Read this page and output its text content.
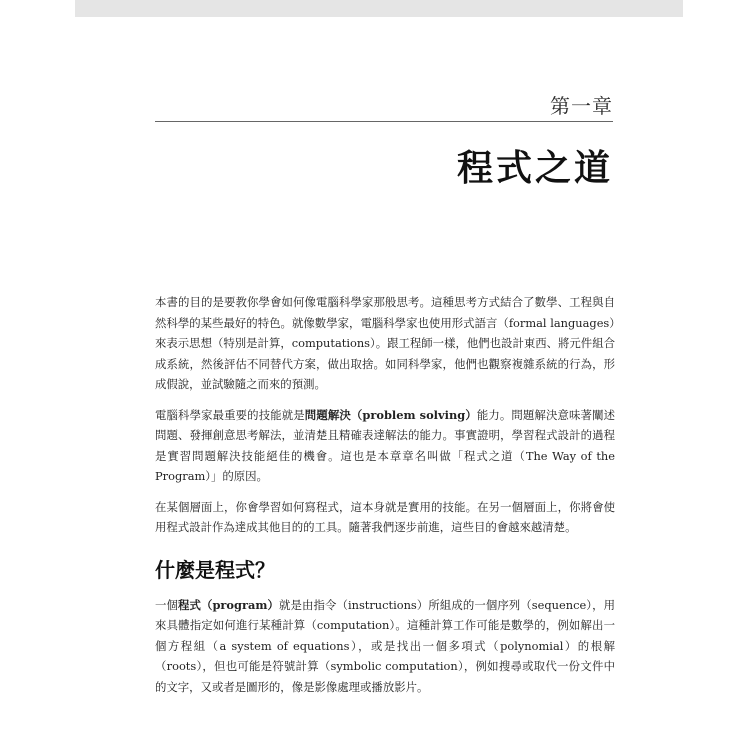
第一章
程式之道

本書的目的是要教你學會如何像電腦科學家那般思考。這種思考方式結合了數學、工程與自然科學的某些最好的特色。就像數學家，電腦科學家也使用形式語言（formal languages）來表示思想（特別是計算，computations）。跟工程師一樣，他們也設計東西、將元件組合成系統，然後評估不同替代方案，做出取捨。如同科學家，他們也觀察複雜系統的行為，形成假說，並試驗隨之而來的預測。

電腦科學家最重要的技能就是問題解決（problem solving）能力。問題解決意味著闡述問題、發揮創意思考解法，並清楚且精確表達解法的能力。事實證明，學習程式設計的過程是實習問題解決技能絕佳的機會。這也是本章章名叫做「程式之道（The Way of the Program）」的原因。

在某個層面上，你會學習如何寫程式，這本身就是實用的技能。在另一個層面上，你將會使用程式設計作為達成其他目的的工具。隨著我們逐步前進，這些目的會越來越清楚。

什麼是程式？

一個程式（program）就是由指令（instructions）所組成的一個序列（sequence），用來具體指定如何進行某種計算（computation）。這種計算工作可能是數學的，例如解出一個方程組（a system of equations），或是找出一個多項式（polynomial）的根解（roots），但也可能是符號計算（symbolic computation），例如搜尋或取代一份文件中的文字，又或者是圖形的，像是影像處理或播放影片。
